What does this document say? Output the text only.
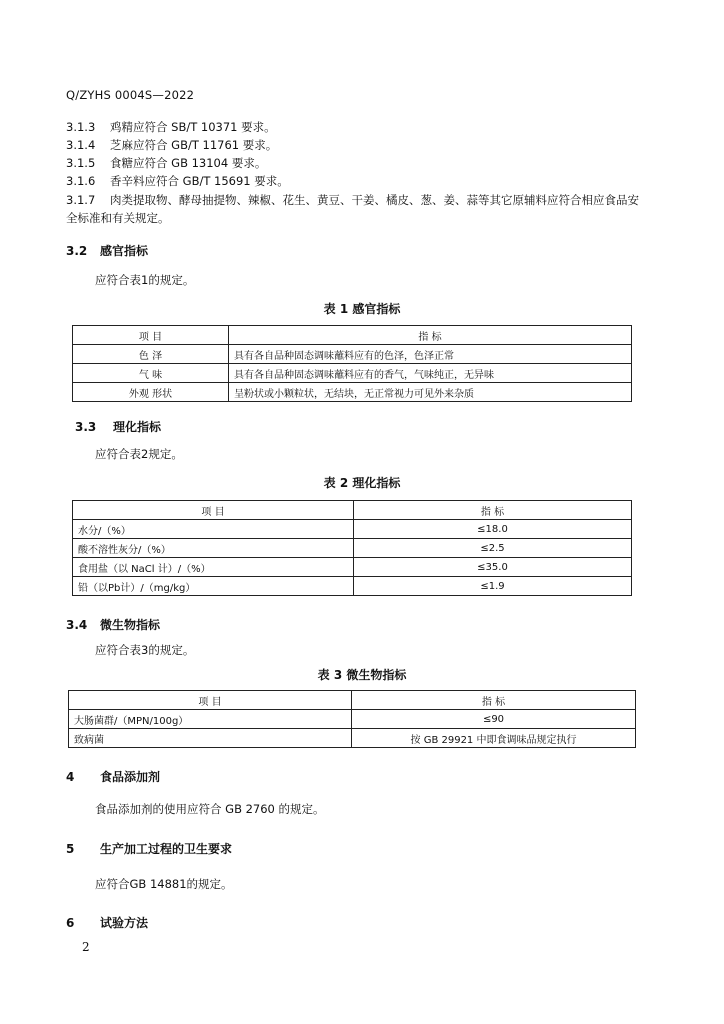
Q/ZYHS 0004S—2022
3.1.3 鸡精应符合 SB/T 10371 要求。
3.1.4 芝麻应符合 GB/T 11761 要求。
3.1.5 食糖应符合 GB 13104 要求。
3.1.6 香辛料应符合 GB/T 15691 要求。
3.1.7 肉类提取物、酵母抽提物、辣椒、花生、黄豆、干姜、橘皮、葱、姜、蒜等其它原辅料应符合相应食品安全标准和有关规定。
3.2 感官指标
应符合表1的规定。
表 1 感官指标
项 目	指 标
色 泽	具有各自品种固态调味蘸料应有的色泽，色泽正常
气 味	具有各自品种固态调味蘸料应有的香气，气味纯正，无异味
外观 形状	呈粉状或小颗粒状，无结块，无正常视力可见外来杂质
3.3 理化指标
应符合表2规定。
表 2 理化指标
项 目	指 标
水分/（%）	≤18.0
酸不溶性灰分/（%）	≤2.5
食用盐（以 NaCl 计）/（%）	≤35.0
铅（以Pb计）/（mg/kg）	≤1.9
3.4 微生物指标
应符合表3的规定。
表 3 微生物指标
项 目	指 标
大肠菌群/（MPN/100g）	≤90
致病菌	按 GB 29921 中即食调味品规定执行
4 食品添加剂
食品添加剂的使用应符合 GB 2760 的规定。
5 生产加工过程的卫生要求
应符合GB 14881的规定。
6 试验方法
2
